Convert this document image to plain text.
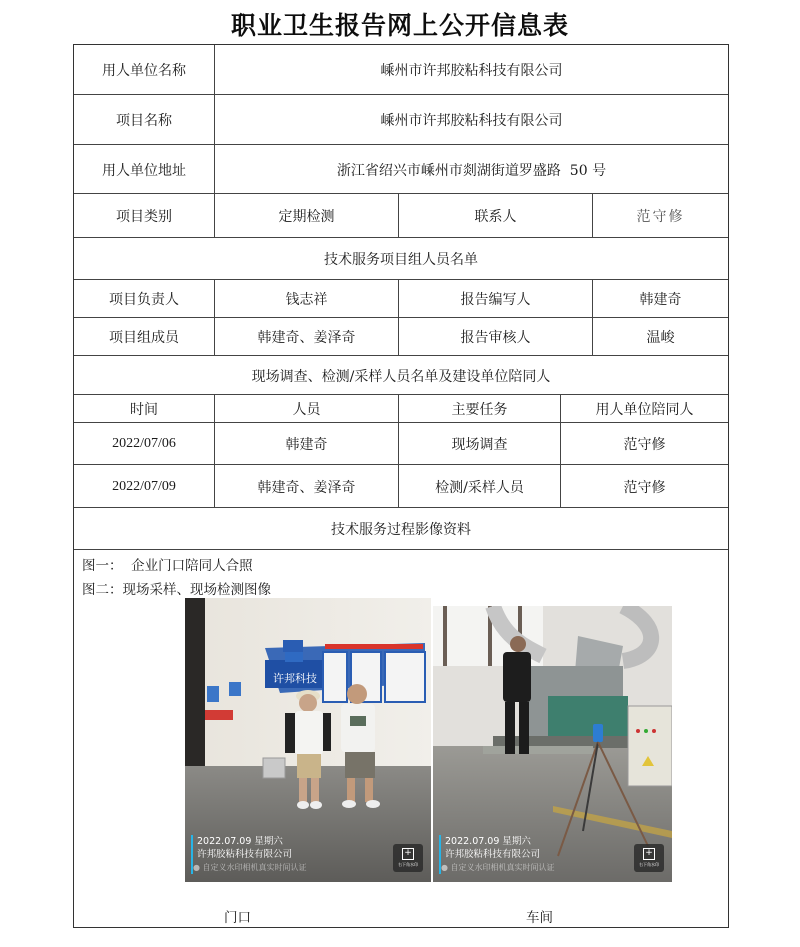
职业卫生报告网上公开信息表
用人单位名称	嵊州市许邦胶粘科技有限公司
项目名称	嵊州市许邦胶粘科技有限公司
用人单位地址	浙江省绍兴市嵊州市剡湖街道罗盛路  50 号
项目类别	定期检测	联系人	范守修
技术服务项目组人员名单
项目负责人	钱志祥	报告编写人	韩建奇
项目组成员	韩建奇、姜泽奇	报告审核人	温峻
现场调查、检测/采样人员名单及建设单位陪同人
时间	人员	主要任务	用人单位陪同人
2022/07/06	韩建奇	现场调查	范守修
2022/07/09	韩建奇、姜泽奇	检测/采样人员	范守修
技术服务过程影像资料
图一：  企业门口陪同人合照
图二：现场采样、现场检测图像
许邦科技
2022.07.09 星期六
许邦胶粘科技有限公司
● 自定义水印相机真实时间认证
+
右下角水印
2022.07.09 星期六
许邦胶粘科技有限公司
● 自定义水印相机真实时间认证
+
右下角水印
门口	车间
